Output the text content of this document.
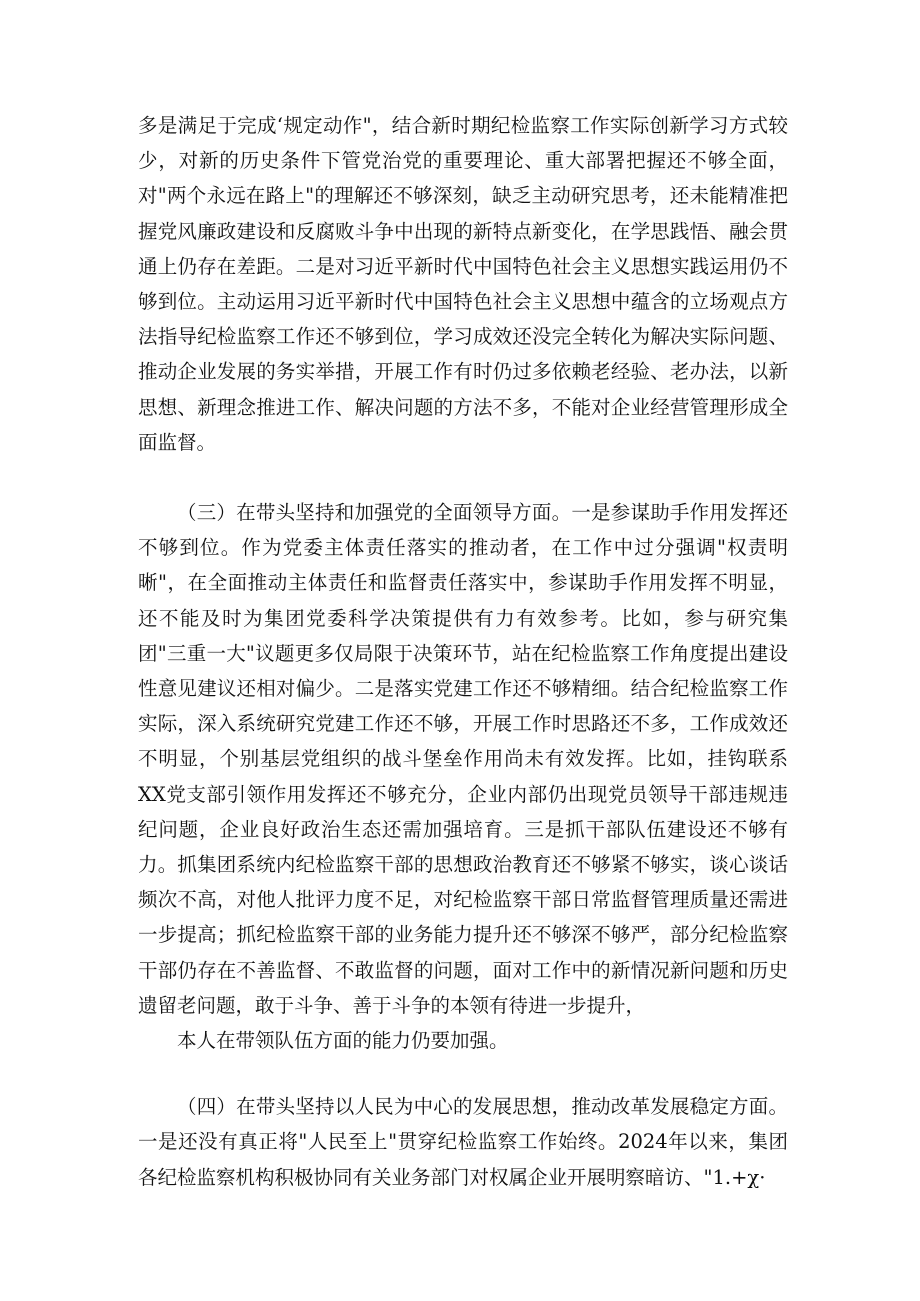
多是满足于完成‘规定动作"，结合新时期纪检监察工作实际创新学习方式较少，对新的历史条件下管党治党的重要理论、重大部署把握还不够全面，对"两个永远在路上"的理解还不够深刻，缺乏主动研究思考，还未能精准把握党风廉政建设和反腐败斗争中出现的新特点新变化，在学思践悟、融会贯通上仍存在差距。二是对习近平新时代中国特色社会主义思想实践运用仍不够到位。主动运用习近平新时代中国特色社会主义思想中蕴含的立场观点方法指导纪检监察工作还不够到位，学习成效还没完全转化为解决实际问题、推动企业发展的务实举措，开展工作有时仍过多依赖老经验、老办法，以新思想、新理念推进工作、解决问题的方法不多，不能对企业经营管理形成全面监督。

（三）在带头坚持和加强党的全面领导方面。一是参谋助手作用发挥还不够到位。作为党委主体责任落实的推动者，在工作中过分强调"权责明晰"，在全面推动主体责任和监督责任落实中，参谋助手作用发挥不明显，还不能及时为集团党委科学决策提供有力有效参考。比如，参与研究集团"三重一大"议题更多仅局限于决策环节，站在纪检监察工作角度提出建设性意见建议还相对偏少。二是落实党建工作还不够精细。结合纪检监察工作实际，深入系统研究党建工作还不够，开展工作时思路还不多，工作成效还不明显，个别基层党组织的战斗堡垒作用尚未有效发挥。比如，挂钩联系XX党支部引领作用发挥还不够充分，企业内部仍出现党员领导干部违规违纪问题，企业良好政治生态还需加强培育。三是抓干部队伍建设还不够有力。抓集团系统内纪检监察干部的思想政治教育还不够紧不够实，谈心谈话频次不高，对他人批评力度不足，对纪检监察干部日常监督管理质量还需进一步提高；抓纪检监察干部的业务能力提升还不够深不够严，部分纪检监察干部仍存在不善监督、不敢监督的问题，面对工作中的新情况新问题和历史遗留老问题，敢于斗争、善于斗争的本领有待进一步提升，
本人在带领队伍方面的能力仍要加强。

（四）在带头坚持以人民为中心的发展思想，推动改革发展稳定方面。一是还没有真正将"人民至上"贯穿纪检监察工作始终。2024年以来，集团各纪检监察机构积极协同有关业务部门对权属企业开展明察暗访、"1.+χ·
